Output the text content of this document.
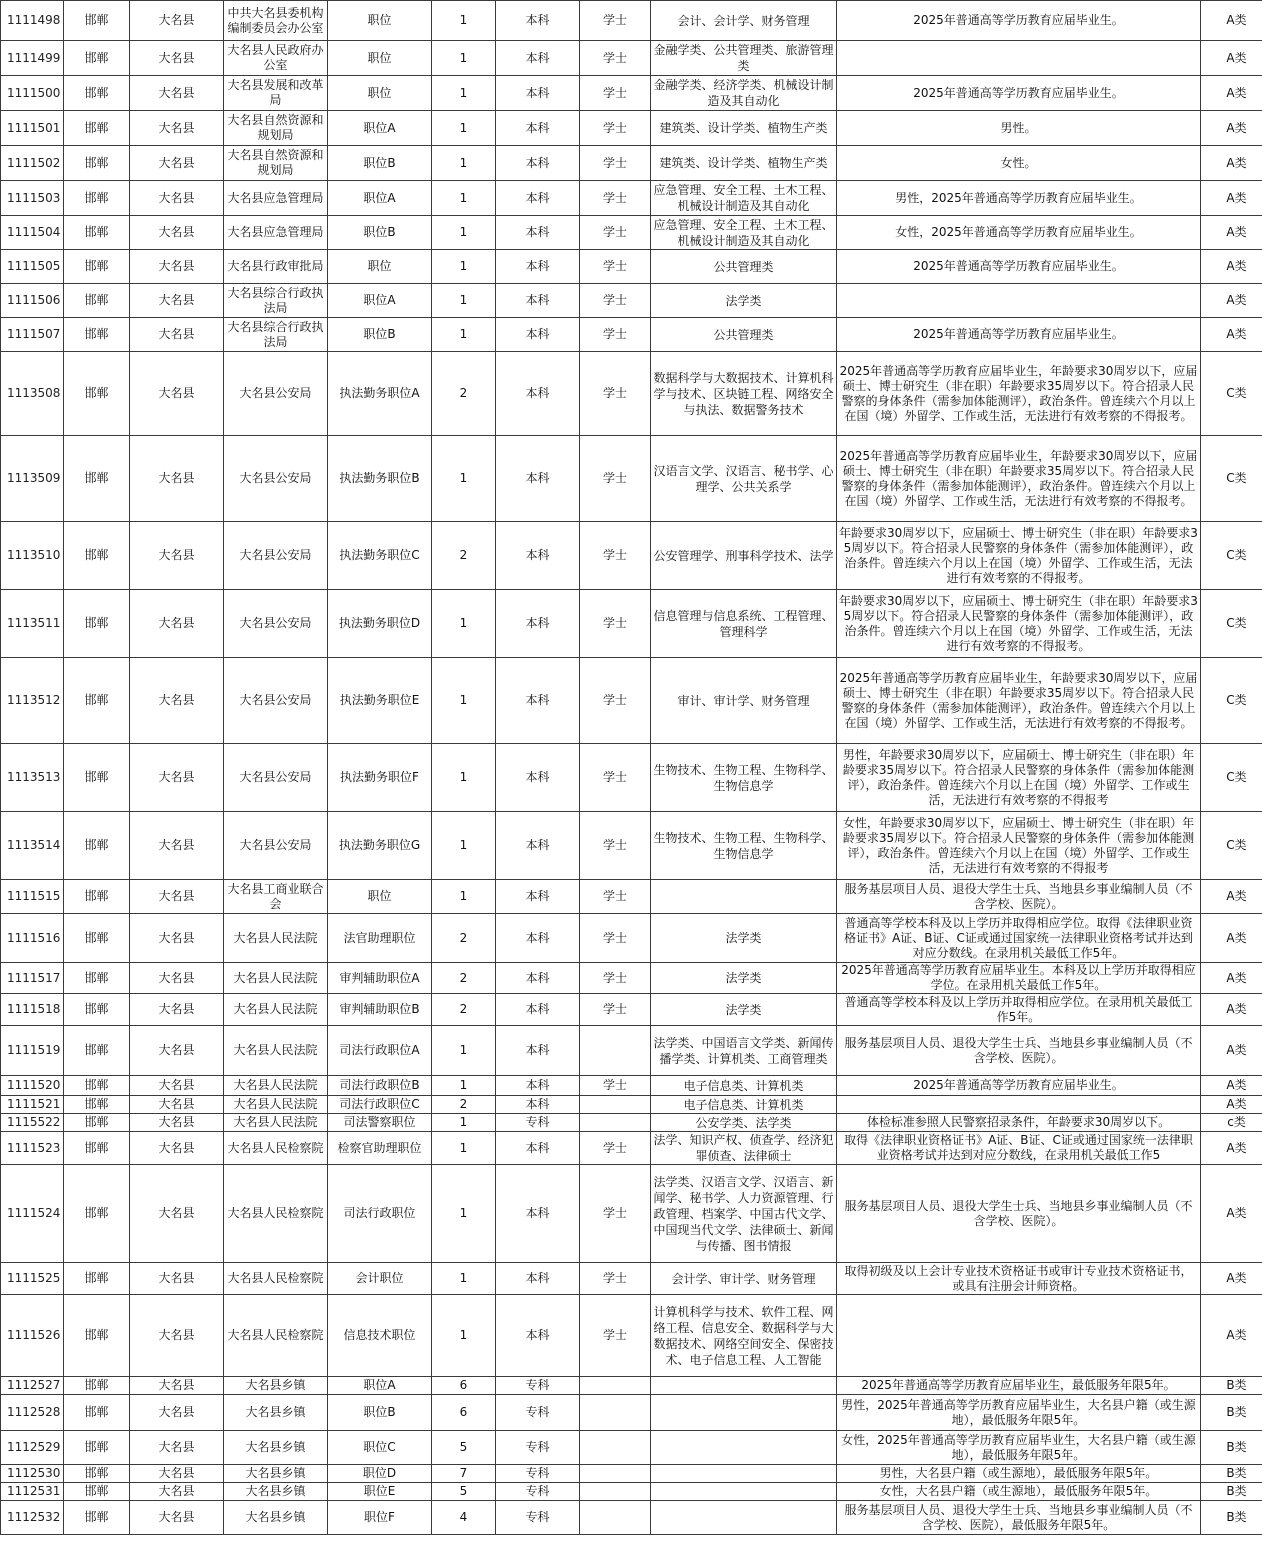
1111498	邯郸	大名县	中共大名县委机构编制委员会办公室	职位	1	本科	学士	会计、会计学、财务管理	2025年普通高等学历教育应届毕业生。	A类
1111499	邯郸	大名县	大名县人民政府办公室	职位	1	本科	学士	金融学类、公共管理类、旅游管理类		A类
1111500	邯郸	大名县	大名县发展和改革局	职位	1	本科	学士	金融学类、经济学类、机械设计制造及其自动化	2025年普通高等学历教育应届毕业生。	A类
1111501	邯郸	大名县	大名县自然资源和规划局	职位A	1	本科	学士	建筑类、设计学类、植物生产类	男性。	A类
1111502	邯郸	大名县	大名县自然资源和规划局	职位B	1	本科	学士	建筑类、设计学类、植物生产类	女性。	A类
1111503	邯郸	大名县	大名县应急管理局	职位A	1	本科	学士	应急管理、安全工程、土木工程、机械设计制造及其自动化	男性，2025年普通高等学历教育应届毕业生。	A类
1111504	邯郸	大名县	大名县应急管理局	职位B	1	本科	学士	应急管理、安全工程、土木工程、机械设计制造及其自动化	女性，2025年普通高等学历教育应届毕业生。	A类
1111505	邯郸	大名县	大名县行政审批局	职位	1	本科	学士	公共管理类	2025年普通高等学历教育应届毕业生。	A类
1111506	邯郸	大名县	大名县综合行政执法局	职位A	1	本科	学士	法学类		A类
1111507	邯郸	大名县	大名县综合行政执法局	职位B	1	本科	学士	公共管理类	2025年普通高等学历教育应届毕业生。	A类
1113508	邯郸	大名县	大名县公安局	执法勤务职位A	2	本科	学士	数据科学与大数据技术、计算机科学与技术、区块链工程、网络安全与执法、数据警务技术	2025年普通高等学历教育应届毕业生，年龄要求30周岁以下，应届硕士、博士研究生（非在职）年龄要求35周岁以下。符合招录人民警察的身体条件（需参加体能测评），政治条件。曾连续六个月以上在国（境）外留学、工作或生活，无法进行有效考察的不得报考。	C类
1113509	邯郸	大名县	大名县公安局	执法勤务职位B	1	本科	学士	汉语言文学、汉语言、秘书学、心理学、公共关系学	2025年普通高等学历教育应届毕业生，年龄要求30周岁以下，应届硕士、博士研究生（非在职）年龄要求35周岁以下。符合招录人民警察的身体条件（需参加体能测评），政治条件。曾连续六个月以上在国（境）外留学、工作或生活，无法进行有效考察的不得报考。	C类
1113510	邯郸	大名县	大名县公安局	执法勤务职位C	2	本科	学士	公安管理学、刑事科学技术、法学	年龄要求30周岁以下，应届硕士、博士研究生（非在职）年龄要求35周岁以下。符合招录人民警察的身体条件（需参加体能测评），政治条件。曾连续六个月以上在国（境）外留学、工作或生活，无法进行有效考察的不得报考。	C类
1113511	邯郸	大名县	大名县公安局	执法勤务职位D	1	本科	学士	信息管理与信息系统、工程管理、管理科学	年龄要求30周岁以下，应届硕士、博士研究生（非在职）年龄要求35周岁以下。符合招录人民警察的身体条件（需参加体能测评），政治条件。曾连续六个月以上在国（境）外留学、工作或生活，无法进行有效考察的不得报考。	C类
1113512	邯郸	大名县	大名县公安局	执法勤务职位E	1	本科	学士	审计、审计学、财务管理	2025年普通高等学历教育应届毕业生，年龄要求30周岁以下，应届硕士、博士研究生（非在职）年龄要求35周岁以下。符合招录人民警察的身体条件（需参加体能测评），政治条件。曾连续六个月以上在国（境）外留学、工作或生活，无法进行有效考察的不得报考。	C类
1113513	邯郸	大名县	大名县公安局	执法勤务职位F	1	本科	学士	生物技术、生物工程、生物科学、生物信息学	男性，年龄要求30周岁以下，应届硕士、博士研究生（非在职）年龄要求35周岁以下。符合招录人民警察的身体条件（需参加体能测评），政治条件。曾连续六个月以上在国（境）外留学、工作或生活，无法进行有效考察的不得报考	C类
1113514	邯郸	大名县	大名县公安局	执法勤务职位G	1	本科	学士	生物技术、生物工程、生物科学、生物信息学	女性，年龄要求30周岁以下，应届硕士、博士研究生（非在职）年龄要求35周岁以下。符合招录人民警察的身体条件（需参加体能测评），政治条件。曾连续六个月以上在国（境）外留学、工作或生活，无法进行有效考察的不得报考	C类
1111515	邯郸	大名县	大名县工商业联合会	职位	1	本科	学士		服务基层项目人员、退役大学生士兵、当地县乡事业编制人员（不含学校、医院）。	A类
1111516	邯郸	大名县	大名县人民法院	法官助理职位	2	本科	学士	法学类	普通高等学校本科及以上学历并取得相应学位。取得《法律职业资格证书》A证、B证、C证或通过国家统一法律职业资格考试并达到对应分数线。在录用机关最低工作5年。	A类
1111517	邯郸	大名县	大名县人民法院	审判辅助职位A	2	本科	学士	法学类	2025年普通高等学历教育应届毕业生。本科及以上学历并取得相应学位。在录用机关最低工作5年。	A类
1111518	邯郸	大名县	大名县人民法院	审判辅助职位B	2	本科	学士	法学类	普通高等学校本科及以上学历并取得相应学位。在录用机关最低工作5年。	A类
1111519	邯郸	大名县	大名县人民法院	司法行政职位A	1	本科		法学类、中国语言文学类、新闻传播学类、计算机类、工商管理类	服务基层项目人员、退役大学生士兵、当地县乡事业编制人员（不含学校、医院）。	A类
1111520	邯郸	大名县	大名县人民法院	司法行政职位B	1	本科	学士	电子信息类、计算机类	2025年普通高等学历教育应届毕业生。	A类
1111521	邯郸	大名县	大名县人民法院	司法行政职位C	2	本科		电子信息类、计算机类		A类
1115522	邯郸	大名县	大名县人民法院	司法警察职位	1	专科		公安学类、法学类	体检标准参照人民警察招录条件，年龄要求30周岁以下。	c类
1111523	邯郸	大名县	大名县人民检察院	检察官助理职位	1	本科	学士	法学、知识产权、侦查学、经济犯罪侦查、法律硕士	取得《法律职业资格证书》A证、B证、C证或通过国家统一法律职业资格考试并达到对应分数线，在录用机关最低工作5	A类
1111524	邯郸	大名县	大名县人民检察院	司法行政职位	1	本科	学士	法学类、汉语言文学、汉语言、新闻学、秘书学、人力资源管理、行政管理、档案学、中国古代文学、中国现当代文学、法律硕士、新闻与传播、图书情报	服务基层项目人员、退役大学生士兵、当地县乡事业编制人员（不含学校、医院）。	A类
1111525	邯郸	大名县	大名县人民检察院	会计职位	1	本科	学士	会计学、审计学、财务管理	取得初级及以上会计专业技术资格证书或审计专业技术资格证书，或具有注册会计师资格。	A类
1111526	邯郸	大名县	大名县人民检察院	信息技术职位	1	本科	学士	计算机科学与技术、软件工程、网络工程、信息安全、数据科学与大数据技术、网络空间安全、保密技术、电子信息工程、人工智能		A类
1112527	邯郸	大名县	大名县乡镇	职位A	6	专科			2025年普通高等学历教育应届毕业生，最低服务年限5年。	B类
1112528	邯郸	大名县	大名县乡镇	职位B	6	专科			男性，2025年普通高等学历教育应届毕业生，大名县户籍（或生源地），最低服务年限5年。	B类
1112529	邯郸	大名县	大名县乡镇	职位C	5	专科			女性，2025年普通高等学历教育应届毕业生，大名县户籍（或生源地），最低服务年限5年。	B类
1112530	邯郸	大名县	大名县乡镇	职位D	7	专科			男性，大名县户籍（或生源地），最低服务年限5年。	B类
1112531	邯郸	大名县	大名县乡镇	职位E	5	专科			女性，大名县户籍（或生源地），最低服务年限5年。	B类
1112532	邯郸	大名县	大名县乡镇	职位F	4	专科			服务基层项目人员、退役大学生士兵、当地县乡事业编制人员（不含学校、医院），最低服务年限5年。	B类
